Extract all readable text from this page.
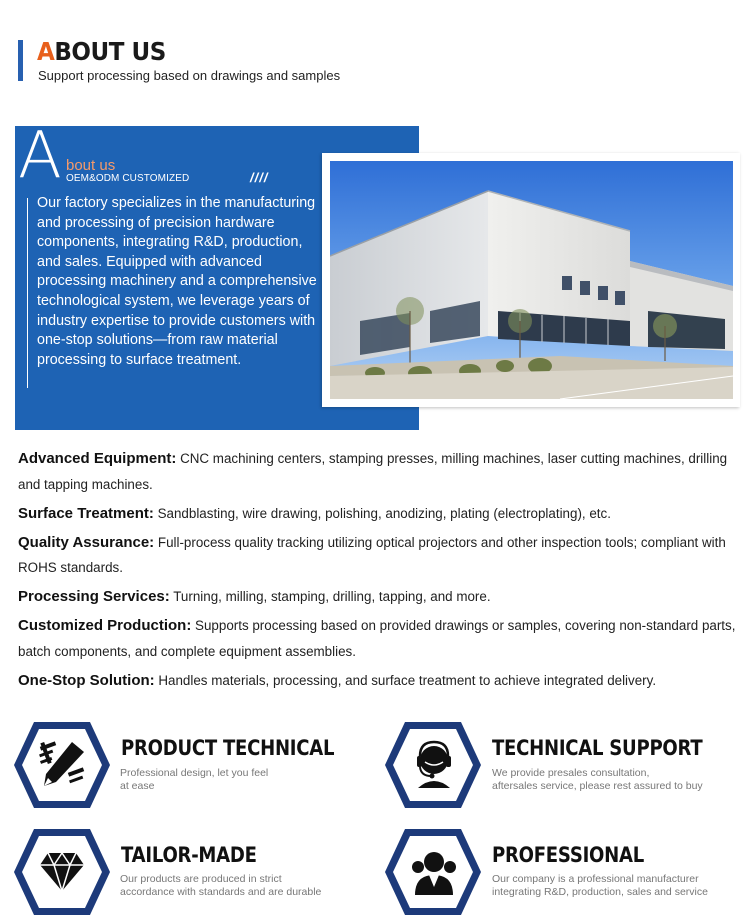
ABOUT US
Support processing based on drawings and samples
A bout us
OEM&ODM CUSTOMIZED	////
Our factory specializes in the manufacturing and processing of precision hardware components, integrating R&D, production, and sales. Equipped with advanced processing machinery and a comprehensive technological system, we leverage years of industry expertise to provide customers with one-stop solutions—from raw material processing to surface treatment.

Advanced Equipment: CNC machining centers, stamping presses, milling machines, laser cutting machines, drilling and tapping machines.

Surface Treatment: Sandblasting, wire drawing, polishing, anodizing, plating (electroplating), etc.

Quality Assurance: Full-process quality tracking utilizing optical projectors and other inspection tools; compliant with ROHS standards.

Processing Services: Turning, milling, stamping, drilling, tapping, and more.

Customized Production: Supports processing based on provided drawings or samples, covering non-standard parts, batch components, and complete equipment assemblies.

One-Stop Solution: Handles materials, processing, and surface treatment to achieve integrated delivery.

PRODUCT TECHNICAL
Professional design, let you feel
at ease
TECHNICAL SUPPORT
We provide presales consultation,
aftersales service, please rest assured to buy
TAILOR-MADE
Our products are produced in strict
accordance with standards and are durable
PROFESSIONAL
Our company is a professional manufacturer
integrating R&D, production, sales and service
